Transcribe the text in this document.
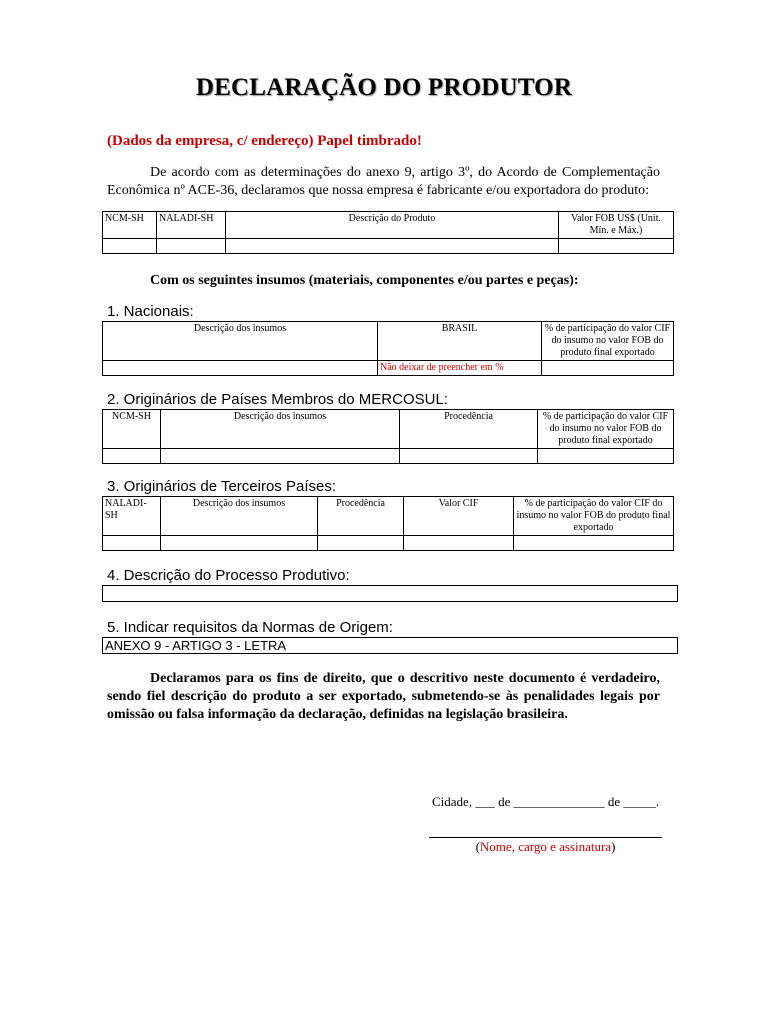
DECLARAÇÃO DO PRODUTOR
(Dados da empresa, c/ endereço) Papel timbrado!
De acordo com as determinações do anexo 9, artigo 3º, do Acordo de Complementação Econômica nº ACE-36, declaramos que nossa empresa é fabricante e/ou exportadora do produto:
NCM-SH	NALADI-SH	Descrição do Produto	Valor FOB US$ (Unit. Mín. e Máx.)

Com os seguintes insumos (materiais, componentes e/ou partes e peças):
1. Nacionais:
Descrição dos insumos	BRASIL	% de participação do valor CIF do insumo no valor FOB do produto final exportado
	Não deixar de preencher em %	
2. Originários de Países Membros do MERCOSUL:
NCM-SH	Descrição dos insumos	Procedência	% de participação do valor CIF do insumo no valor FOB do produto final exportado

3. Originários de Terceiros Países:
NALADI-SH	Descrição dos insumos	Procedência	Valor CIF	% de participação do valor CIF do insumo no valor FOB do produto final exportado

4. Descrição do Processo Produtivo:
5. Indicar requisitos da Normas de Origem:
ANEXO 9 - ARTIGO 3 - LETRA
Declaramos para os fins de direito, que o descritivo neste documento é verdadeiro, sendo fiel descrição do produto a ser exportado, submetendo-se às penalidades legais por omissão ou falsa informação da declaração, definidas na legislação brasileira.
Cidade, ___ de ______________ de _____.
(Nome, cargo e assinatura)
